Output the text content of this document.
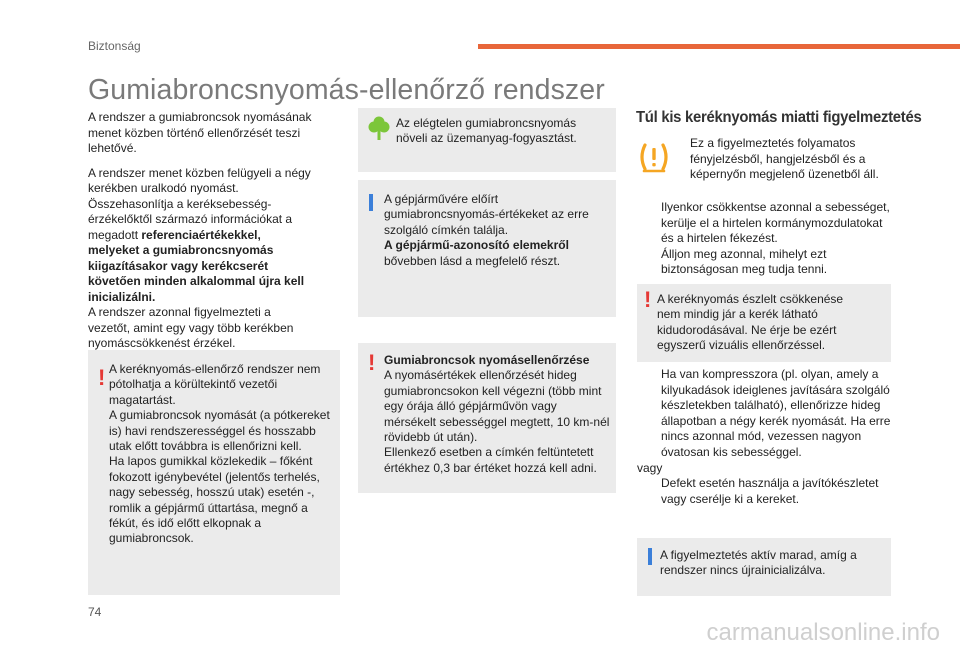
Biztonság
Gumiabroncsnyomás-ellenőrző rendszer

A rendszer a gumiabroncsok nyomásának menet közben történő ellenőrzését teszi lehetővé.

A rendszer menet közben felügyeli a négy kerékben uralkodó nyomást. Összehasonlítja a keréksebesség-érzékelőktől származó információkat a megadott referenciaértékekkel, melyeket a gumiabroncsnyomás kiigazításakor vagy kerékcserét követően minden alkalommal újra kell inicializálni.

A rendszer azonnal figyelmezteti a vezetőt, amint egy vagy több kerékben nyomáscsökkenést érzékel.

! A keréknyomás-ellenőrző rendszer nem pótolhatja a körültekintő vezetői magatartást.

A gumiabroncsok nyomását (a pótkereket is) havi rendszerességgel és hosszabb utak előtt továbbra is ellenőrizni kell.

Ha lapos gumikkal közlekedik – főként fokozott igénybevétel (jelentős terhelés, nagy sebesség, hosszú utak) esetén -, romlik a gépjármű úttartása, megnő a fékút, és idő előtt elkopnak a gumiabroncsok.

Az elégtelen gumiabroncsnyomás növeli az üzemanyag-fogyasztást.

A gépjárművére előírt gumiabroncsnyomás-értékeket az erre szolgáló címkén találja.

A gépjármű-azonosító elemekről

bővebben lásd a megfelelő részt.

! Gumiabroncsok nyomásellenőrzése

A nyomásértékek ellenőrzését hideg gumiabroncsokon kell végezni (több mint egy órája álló gépjárművön vagy mérsékelt sebességgel megtett, 10 km-nél rövidebb út után).

Ellenkező esetben a címkén feltüntetett értékhez 0,3 bar értéket hozzá kell adni.

Túl kis keréknyomás miatti figyelmeztetés
Ez a figyelmeztetés folyamatos fényjelzésből, hangjelzésből és a képernyőn megjelenő üzenetből áll.
Ilyenkor csökkentse azonnal a sebességet, kerülje el a hirtelen kormánymozdulatokat és a hirtelen fékezést.
Álljon meg azonnal, mihelyt ezt biztonságosan meg tudja tenni.
! A keréknyomás észlelt csökkenése nem mindig jár a kerék látható kidudorodásával. Ne érje be ezért egyszerű vizuális ellenőrzéssel.
Ha van kompresszora (pl. olyan, amely a kilyukadások ideiglenes javítására szolgáló készletekben található), ellenőrizze hideg állapotban a négy kerék nyomását. Ha erre nincs azonnal mód, vezessen nagyon óvatosan kis sebességgel.
vagy
Defekt esetén használja a javítókészletet vagy cserélje ki a kereket.
A figyelmeztetés aktív marad, amíg a rendszer nincs újrainicializálva.
74
carmanualsonline.info
